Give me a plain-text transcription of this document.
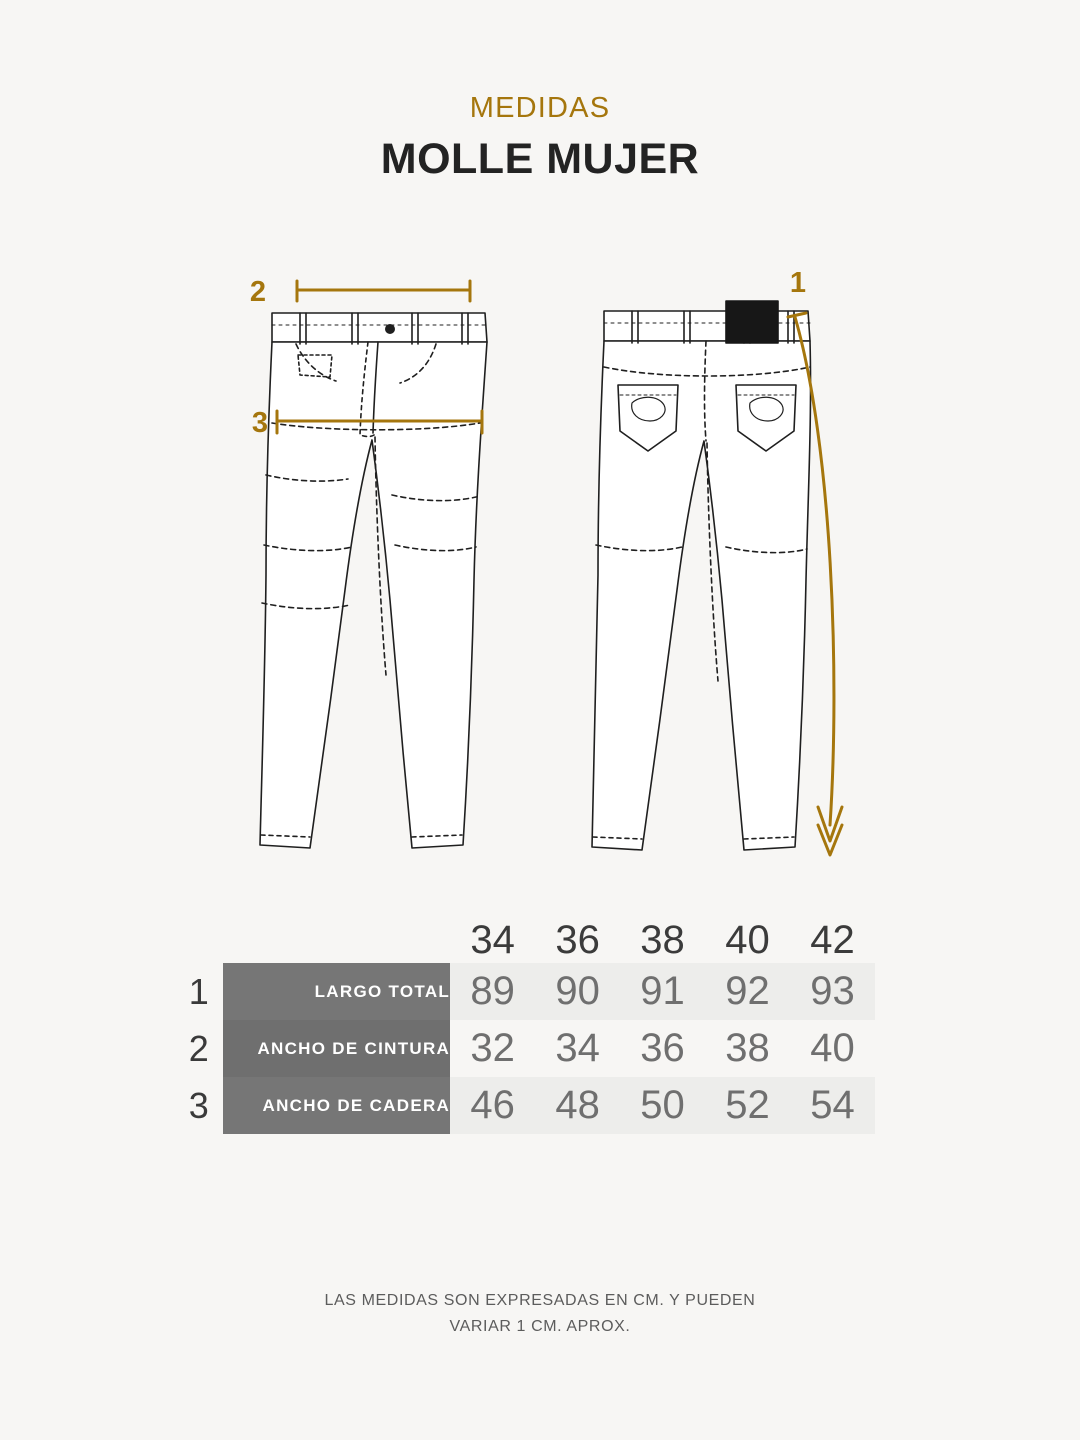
MEDIDAS
MOLLE MUJER
2
3
1
		34	36	38	40	42
1	LARGO TOTAL	89	90	91	92	93
2	ANCHO DE CINTURA	32	34	36	38	40
3	ANCHO DE CADERA	46	48	50	52	54
LAS MEDIDAS SON EXPRESADAS EN CM. Y PUEDEN
VARIAR 1 CM. APROX.
